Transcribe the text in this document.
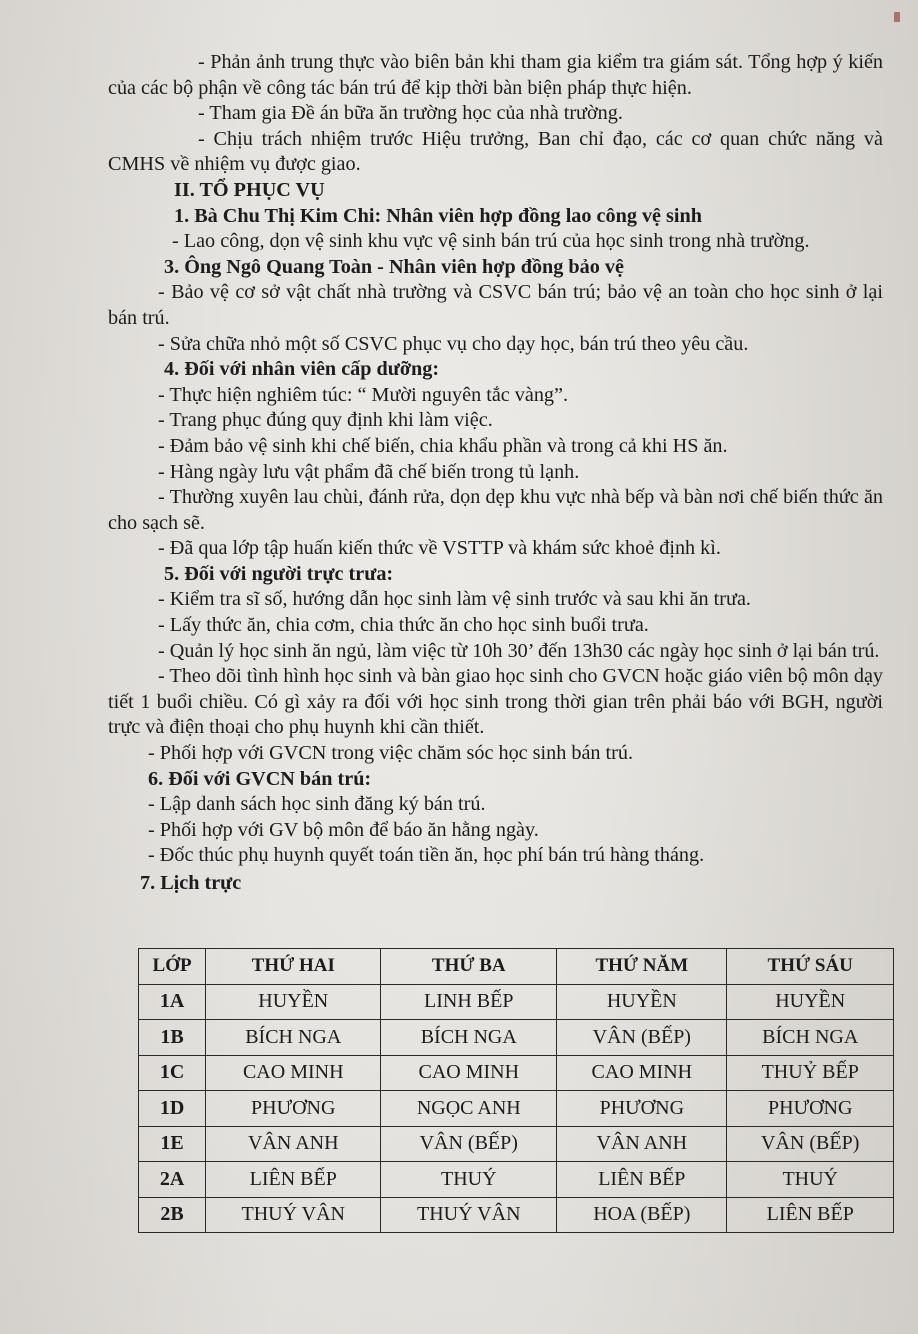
- Phản ảnh trung thực vào biên bản khi tham gia kiểm tra giám sát. Tổng hợp ý kiến của các bộ phận về công tác bán trú để kịp thời bàn biện pháp thực hiện.

- Tham gia Đề án bữa ăn trường học của nhà trường.

- Chịu trách nhiệm trước Hiệu trưởng, Ban chỉ đạo, các cơ quan chức năng và CMHS về nhiệm vụ được giao.

II. TỔ PHỤC VỤ

1. Bà Chu Thị Kim Chi: Nhân viên hợp đồng lao công vệ sinh

- Lao công, dọn vệ sinh khu vực vệ sinh bán trú của học sinh trong nhà trường.

3. Ông Ngô Quang Toàn - Nhân viên hợp đồng bảo vệ

- Bảo vệ cơ sở vật chất nhà trường và CSVC bán trú; bảo vệ an toàn cho học sinh ở lại bán trú.

- Sửa chữa nhỏ một số CSVC phục vụ cho dạy học, bán trú theo yêu cầu.

4. Đối với nhân viên cấp dưỡng:

- Thực hiện nghiêm túc: “ Mười nguyên tắc vàng”.

- Trang phục đúng quy định khi làm việc.

- Đảm bảo vệ sinh khi chế biến, chia khẩu phần và trong cả khi HS ăn.

- Hàng ngày lưu vật phẩm đã chế biến trong tủ lạnh.

- Thường xuyên lau chùi, đánh rửa, dọn dẹp khu vực nhà bếp và bàn nơi chế biến thức ăn cho sạch sẽ.

- Đã qua lớp tập huấn kiến thức về VSTTP và khám sức khoẻ định kì.

5. Đối với người trực trưa:

- Kiểm tra sĩ số, hướng dẫn học sinh làm vệ sinh trước và sau khi ăn trưa.

- Lấy thức ăn, chia cơm, chia thức ăn cho học sinh buổi trưa.

- Quản lý học sinh ăn ngủ, làm việc từ 10h 30’ đến 13h30 các ngày học sinh ở lại bán trú.

- Theo dõi tình hình học sinh và bàn giao học sinh cho GVCN hoặc giáo viên bộ môn dạy tiết 1 buổi chiều. Có gì xảy ra đối với học sinh trong thời gian trên phải báo với BGH, người trực và điện thoại cho phụ huynh khi cần thiết.

- Phối hợp với GVCN trong việc chăm sóc học sinh bán trú.

6. Đối với GVCN bán trú:

- Lập danh sách học sinh đăng ký bán trú.

- Phối hợp với GV bộ môn để báo ăn hằng ngày.

- Đốc thúc phụ huynh quyết toán tiền ăn, học phí bán trú hàng tháng.

7. Lịch trực

LỚP	THỨ HAI	THỨ BA	THỨ NĂM	THỨ SÁU
1A	HUYỀN	LINH BẾP	HUYỀN	HUYỀN
1B	BÍCH NGA	BÍCH NGA	VÂN (BẾP)	BÍCH NGA
1C	CAO MINH	CAO MINH	CAO MINH	THUỶ BẾP
1D	PHƯƠNG	NGỌC ANH	PHƯƠNG	PHƯƠNG
1E	VÂN ANH	VÂN (BẾP)	VÂN ANH	VÂN (BẾP)
2A	LIÊN BẾP	THUÝ	LIÊN BẾP	THUÝ
2B	THUÝ VÂN	THUÝ VÂN	HOA (BẾP)	LIÊN BẾP
